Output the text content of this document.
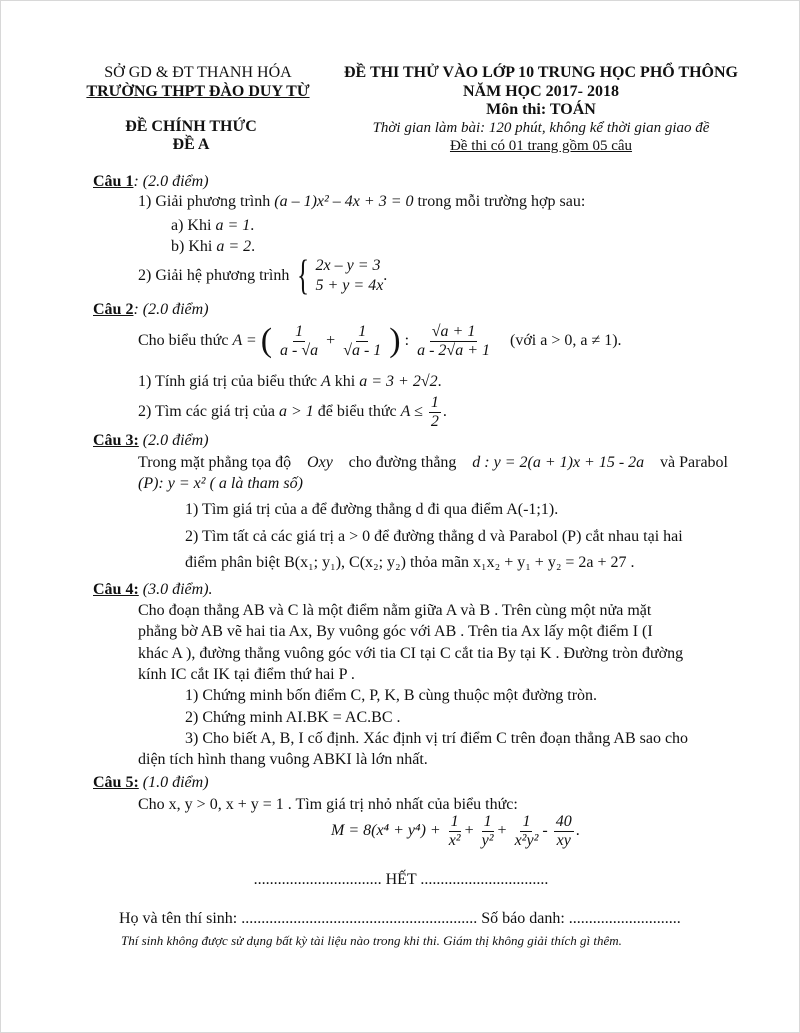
SỞ GD & ĐT THANH HÓA
TRƯỜNG THPT ĐÀO DUY TỪ
ĐỀ CHÍNH THỨC
ĐỀ A
ĐỀ THI THỬ VÀO LỚP 10 TRUNG HỌC PHỔ THÔNG
NĂM HỌC 2017- 2018
Môn thi: TOÁN
Thời gian làm bài: 120 phút, không kể thời gian giao đề
Đề thi có 01 trang gồm 05 câu
Câu 1: (2.0 điểm)
1) Giải phương trình (a – 1)x² – 4x + 3 = 0 trong mỗi trường hợp sau:
a) Khi a = 1.
b) Khi a = 2.
2) Giải hệ phương trình { 2x – y = 3
5 + y = 4x
.
Câu 2: (2.0 điểm)
Cho biểu thức A = ( $\frac{1}{a - √a} + \frac{1}{√a - 1}$ ) : $\frac{√a + 1}{a - 2√a + 1}$ (với a > 0, a ≠ 1).
1) Tính giá trị của biểu thức A khi a = 3 + 2√2.
2) Tìm các giá trị của a > 1 để biểu thức $A \le \frac{1}{2}$ .
Câu 3: (2.0 điểm)
Trong mặt phẳng tọa độ Oxy cho đường thẳng d : y = 2(a + 1)x + 15 - 2a và Parabol
(P): y = x² ( a là tham số)
1) Tìm giá trị của a để đường thẳng d đi qua điểm A(-1;1).
2) Tìm tất cả các giá trị a > 0 để đường thẳng d và Parabol (P) cắt nhau tại hai
điểm phân biệt B(x₁; y₁), C(x₂; y₂) thỏa mãn x₁x₂ + y₁ + y₂ = 2a + 27 .
Câu 4: (3.0 điểm).
Cho đoạn thẳng AB và C là một điểm nằm giữa A và B . Trên cùng một nửa mặt
phẳng bờ AB vẽ hai tia Ax, By vuông góc với AB . Trên tia Ax lấy một điểm I (I
khác A ), đường thẳng vuông góc với tia CI tại C cắt tia By tại K . Đường tròn đường
kính IC cắt IK tại điểm thứ hai P .
1) Chứng minh bốn điểm C, P, K, B cùng thuộc một đường tròn.
2) Chứng minh AI.BK = AC.BC .
3) Cho biết A, B, I cố định. Xác định vị trí điểm C trên đoạn thẳng AB sao cho
diện tích hình thang vuông ABKI là lớn nhất.
Câu 5: (1.0 điểm)
Cho x, y > 0, x + y = 1 . Tìm giá trị nhỏ nhất của biểu thức:
$M = 8(x^4 + y^4) + \frac{1}{\text{x²}} + \frac{1}{\text{y²}} + \frac{1}{\text{x²y²}} - \frac{40}{xy}$ .
................................ HẾT ................................
Họ và tên thí sinh: ........................................................... Số báo danh: ............................
Thí sinh không được sử dụng bất kỳ tài liệu nào trong khi thi. Giám thị không giải thích gì thêm.
